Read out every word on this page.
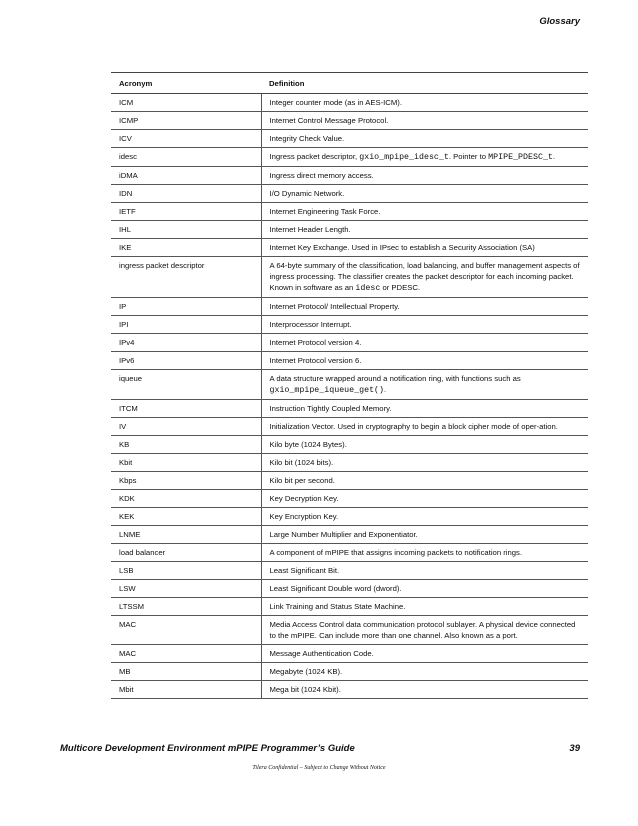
Glossary
Acronym	Definition
ICM	Integer counter mode (as in AES-ICM).
ICMP	Internet Control Message Protocol.
ICV	Integrity Check Value.
idesc	Ingress packet descriptor, gxio_mpipe_idesc_t. Pointer to MPIPE_PDESC_t.
iDMA	Ingress direct memory access.
IDN	I/O Dynamic Network.
IETF	Internet Engineering Task Force.
IHL	Internet Header Length.
IKE	Internet Key Exchange. Used in IPsec to establish a Security Association (SA)
ingress packet descriptor	A 64-byte summary of the classification, load balancing, and buffer management aspects of ingress processing. The classifier creates the packet descriptor for each incoming packet. Known in software as an idesc or PDESC.
IP	Internet Protocol/ Intellectual Property.
IPI	Interprocessor Interrupt.
IPv4	Internet Protocol version 4.
IPv6	Internet Protocol version 6.
iqueue	A data structure wrapped around a notification ring, with functions such as gxio_mpipe_iqueue_get().
ITCM	Instruction Tightly Coupled Memory.
IV	Initialization Vector. Used in cryptography to begin a block cipher mode of oper-ation.
KB	Kilo byte (1024 Bytes).
Kbit	Kilo bit (1024 bits).
Kbps	Kilo bit per second.
KDK	Key Decryption Key.
KEK	Key Encryption Key.
LNME	Large Number Multiplier and Exponentiator.
load balancer	A component of mPIPE that assigns incoming packets to notification rings.
LSB	Least Significant Bit.
LSW	Least Significant Double word (dword).
LTSSM	Link Training and Status State Machine.
MAC	Media Access Control data communication protocol sublayer. A physical device connected to the mPIPE. Can include more than one channel. Also known as a port.
MAC	Message Authentication Code.
MB	Megabyte (1024 KB).
Mbit	Mega bit (1024 Kbit).
Multicore Development Environment mPIPE Programmer’s Guide	39
Tilera Confidential – Subject to Change Without Notice
